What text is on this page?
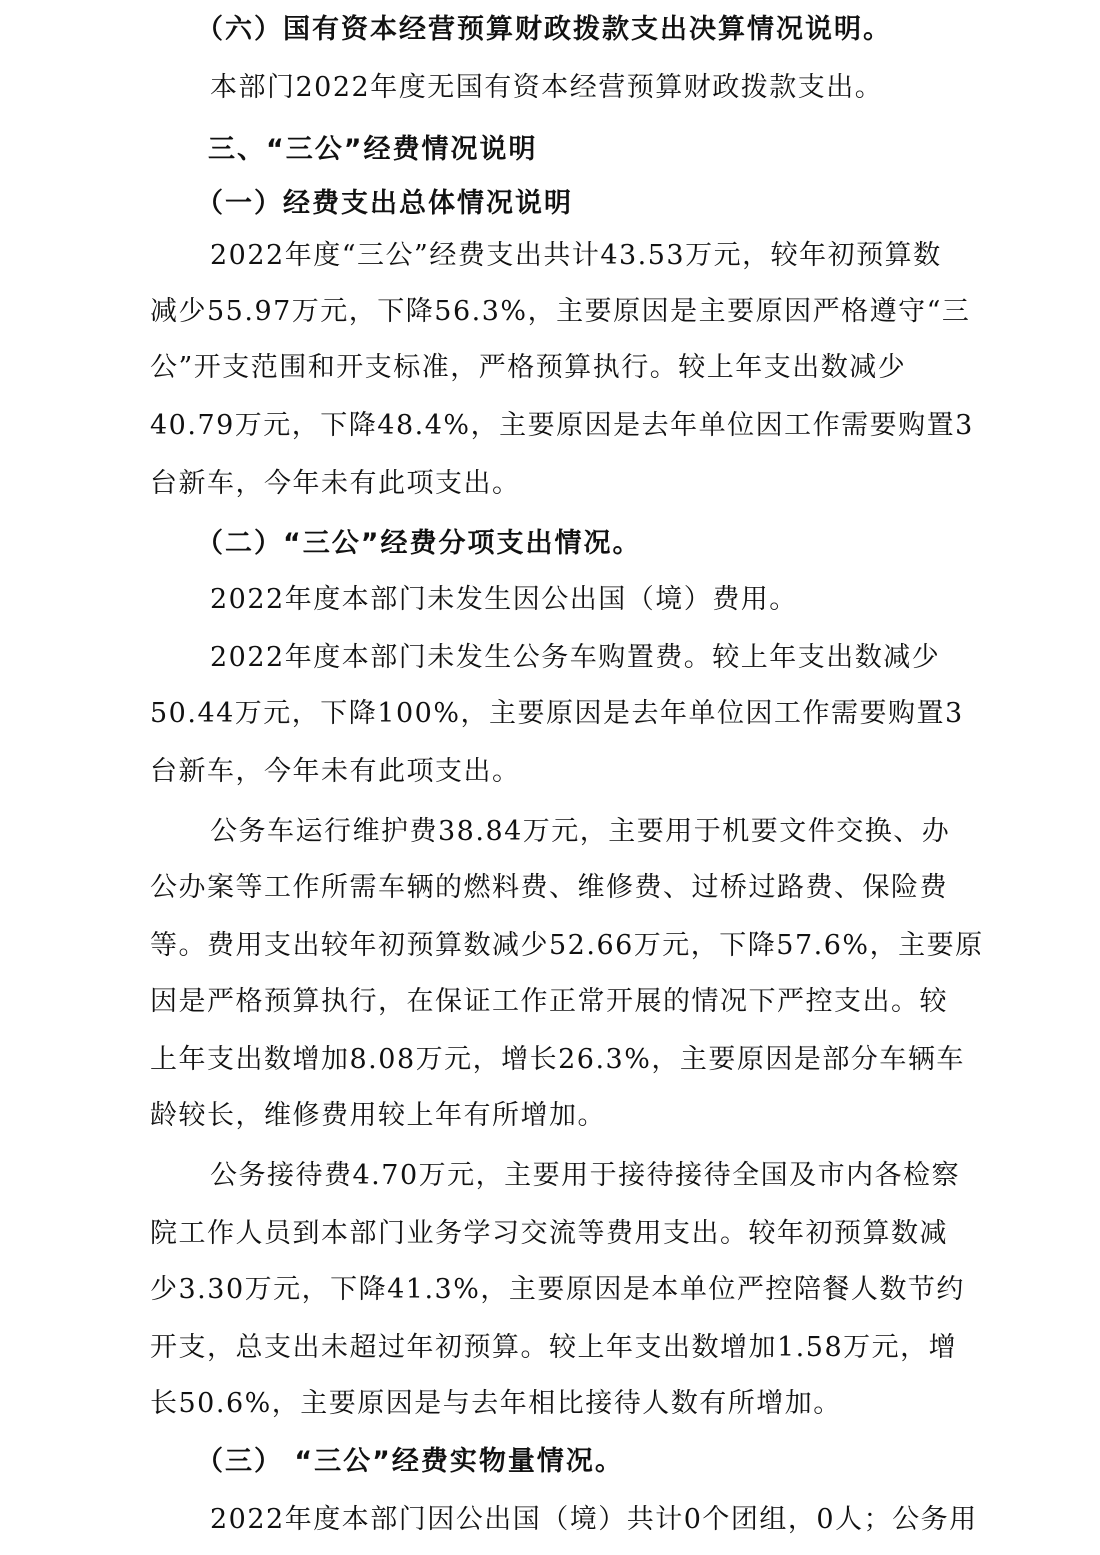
（六）国有资本经营预算财政拨款支出决算情况说明。
本部门2022年度无国有资本经营预算财政拨款支出。
三、“三公”经费情况说明
（一）经费支出总体情况说明
2022年度“三公”经费支出共计43.53万元，较年初预算数
减少55.97万元，下降56.3%，主要原因是主要原因严格遵守“三
公”开支范围和开支标准，严格预算执行。较上年支出数减少
40.79万元，下降48.4%，主要原因是去年单位因工作需要购置3
台新车，今年未有此项支出。
（二）“三公”经费分项支出情况。
2022年度本部门未发生因公出国（境）费用。
2022年度本部门未发生公务车购置费。较上年支出数减少
50.44万元，下降100%，主要原因是去年单位因工作需要购置3
台新车，今年未有此项支出。
公务车运行维护费38.84万元，主要用于机要文件交换、办
公办案等工作所需车辆的燃料费、维修费、过桥过路费、保险费
等。费用支出较年初预算数减少52.66万元，下降57.6%，主要原
因是严格预算执行，在保证工作正常开展的情况下严控支出。较
上年支出数增加8.08万元，增长26.3%，主要原因是部分车辆车
龄较长，维修费用较上年有所增加。
公务接待费4.70万元，主要用于接待接待全国及市内各检察
院工作人员到本部门业务学习交流等费用支出。较年初预算数减
少3.30万元，下降41.3%，主要原因是本单位严控陪餐人数节约
开支，总支出未超过年初预算。较上年支出数增加1.58万元，增
长50.6%，主要原因是与去年相比接待人数有所增加。
（三） “三公”经费实物量情况。
2022年度本部门因公出国（境）共计0个团组，0人；公务用
